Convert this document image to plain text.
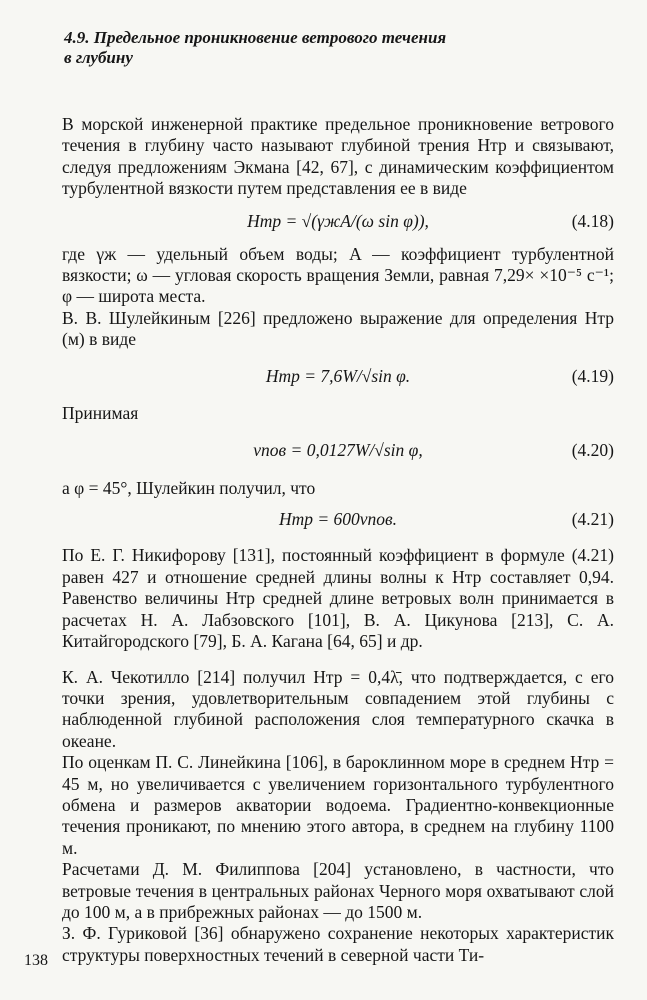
4.9. Предельное проникновение ветрового течения
в глубину

В морской инженерной практике предельное проникновение ветрового течения в глубину часто называют глубиной трения Hтр и связывают, следуя предложениям Экмана [42, 67], с динамическим коэффициентом турбулентной вязкости путем представления ее в виде

Hтр = √(γжA/(ω sin φ)),	(4.18)

где γж — удельный объем воды; A — коэффициент турбулентной вязкости; ω — угловая скорость вращения Земли, равная 7,29× ×10⁻⁵ с⁻¹; φ — широта места.

В. В. Шулейкиным [226] предложено выражение для определения Hтр (м) в виде

Hтр = 7,6W/√sin φ.	(4.19)

Принимая

vпов = 0,0127W/√sin φ,	(4.20)

а φ = 45°, Шулейкин получил, что

Hтр = 600vпов.	(4.21)

По Е. Г. Никифорову [131], постоянный коэффициент в формуле (4.21) равен 427 и отношение средней длины волны к Hтр составляет 0,94. Равенство величины Hтр средней длине ветровых волн принимается в расчетах Н. А. Лабзовского [101], В. А. Цикунова [213], С. А. Китайгородского [79], Б. А. Кагана [64, 65] и др.

К. А. Чекотилло [214] получил Hтр = 0,4λ̄, что подтверждается, с его точки зрения, удовлетворительным совпадением этой глубины с наблюденной глубиной расположения слоя температурного скачка в океане.

По оценкам П. С. Линейкина [106], в бароклинном море в среднем Hтр = 45 м, но увеличивается с увеличением горизонтального турбулентного обмена и размеров акватории водоема. Градиентно-конвекционные течения проникают, по мнению этого автора, в среднем на глубину 1100 м.

Расчетами Д. М. Филиппова [204] установлено, в частности, что ветровые течения в центральных районах Черного моря охватывают слой до 100 м, а в прибрежных районах — до 1500 м.

З. Ф. Гуриковой [36] обнаружено сохранение некоторых характеристик структуры поверхностных течений в северной части Ти-

138
